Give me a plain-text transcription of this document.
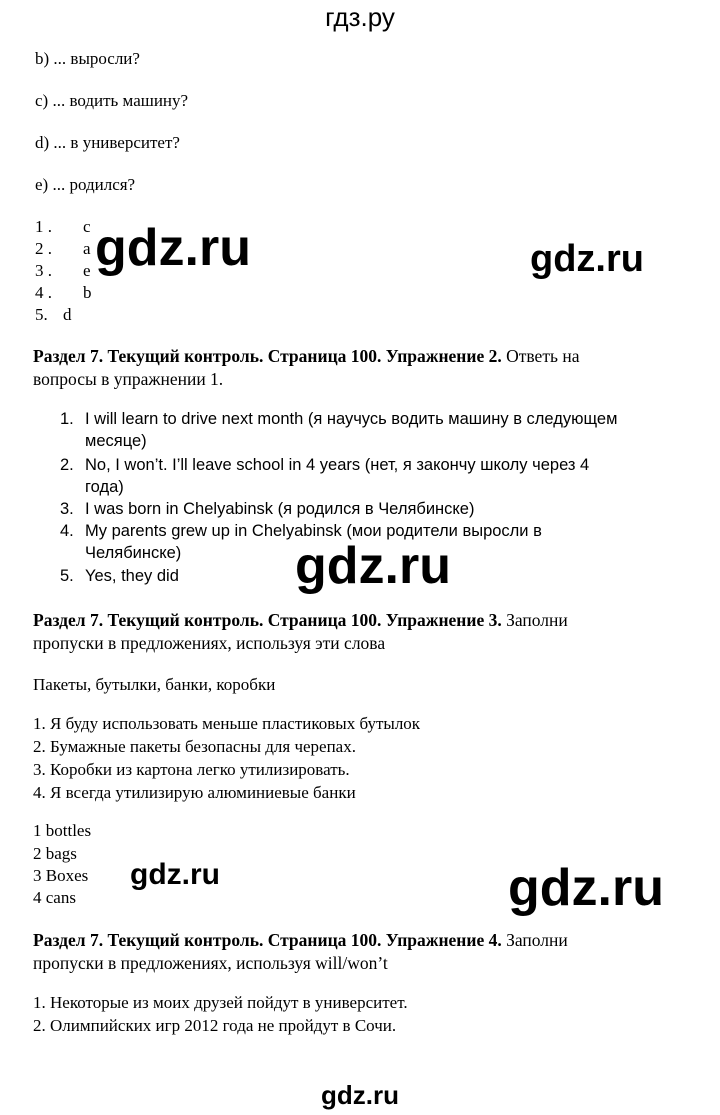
гдз.ру
b) ... выросли?
c) ... водить машину?
d) ... в университет?
e) ... родился?
1 . c
2 . a
3 . e
4 . b
5. d
gdz.ru	gdz.ru
gdz.ru
gdz.ru	gdz.ru
gdz.ru
Раздел 7. Текущий контроль. Страница 100. Упражнение 2. Ответь на
вопросы в упражнении 1.
1. I will learn to drive next month (я научусь водить машину в следующем
месяце)
2. No, I won’t. I’ll leave school in 4 years (нет, я закончу школу через 4
года)
3. I was born in Chelyabinsk (я родился в Челябинске)
4. My parents grew up in Chelyabinsk (мои родители выросли в
Челябинске)
5. Yes, they did
Раздел 7. Текущий контроль. Страница 100. Упражнение 3. Заполни
пропуски в предложениях, используя эти слова
Пакеты, бутылки, банки, коробки
1. Я буду использовать меньше пластиковых бутылок
2. Бумажные пакеты безопасны для черепах.
3. Коробки из картона легко утилизировать.
4. Я всегда утилизирую алюминиевые банки
1 bottles
2 bags
3 Boxes
4 cans
Раздел 7. Текущий контроль. Страница 100. Упражнение 4. Заполни
пропуски в предложениях, используя will/won’t
1. Некоторые из моих друзей пойдут в университет.
2. Олимпийских игр 2012 года не пройдут в Сочи.
